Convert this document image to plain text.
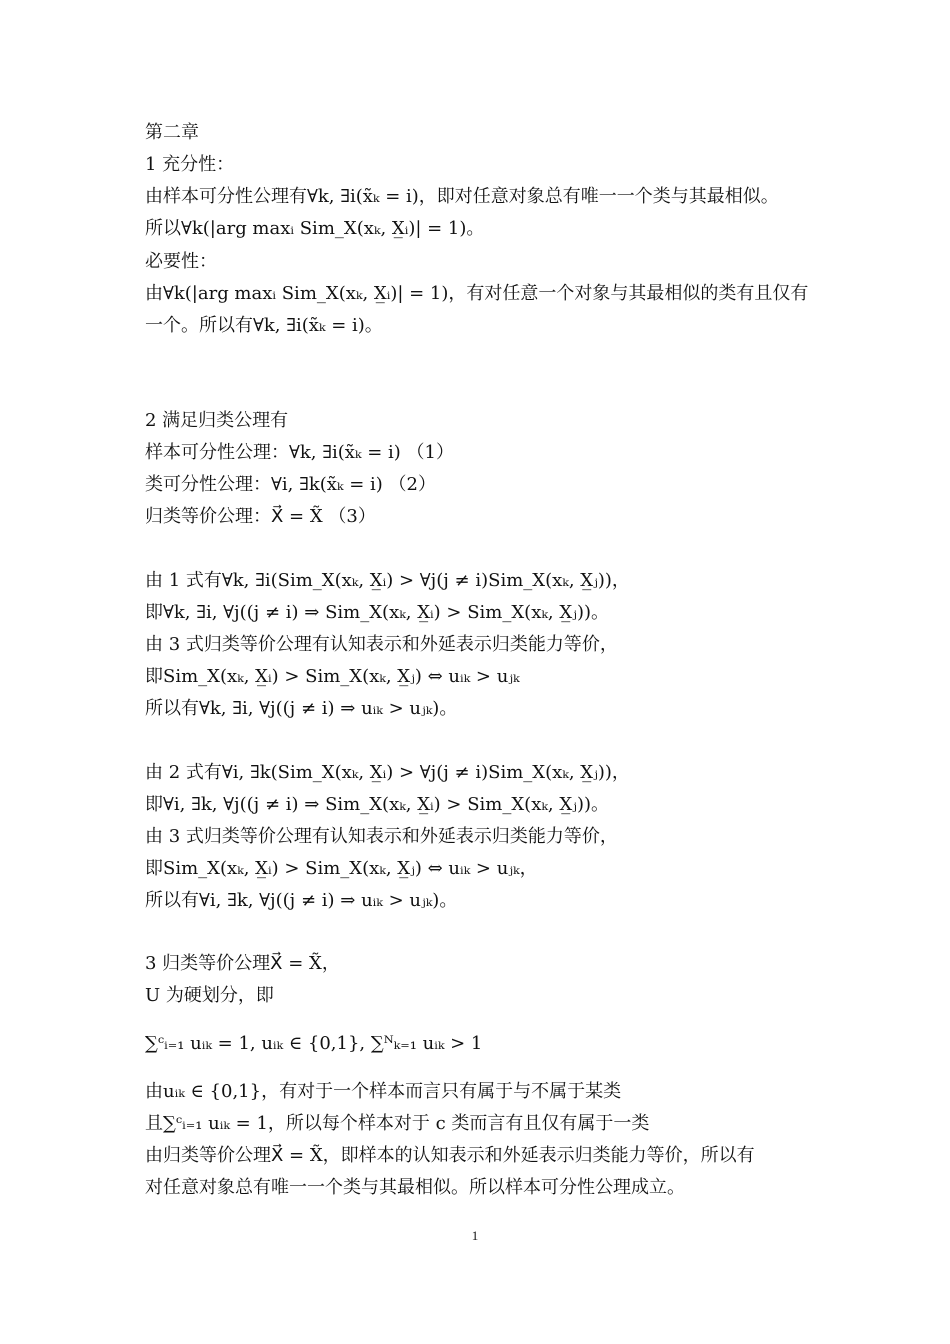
第二章
1 充分性：
由样本可分性公理有∀k, ∃i(x̃ₖ = i)，即对任意对象总有唯一一个类与其最相似。
所以∀k(|arg maxᵢ Sim_X(xₖ, X̲ᵢ)| = 1)。
必要性：
由∀k(|arg maxᵢ Sim_X(xₖ, X̲ᵢ)| = 1)，有对任意一个对象与其最相似的类有且仅有
一个。所以有∀k, ∃i(x̃ₖ = i)。
2 满足归类公理有
样本可分性公理：∀k, ∃i(x̃ₖ = i) （1）
类可分性公理：∀i, ∃k(x̃ₖ = i) （2）
归类等价公理：X⃗ = X̃ （3）
由 1 式有∀k, ∃i(Sim_X(xₖ, X̲ᵢ) > ∀j(j ≠ i)Sim_X(xₖ, X̲ⱼ))，
即∀k, ∃i, ∀j((j ≠ i) ⇒ Sim_X(xₖ, X̲ᵢ) > Sim_X(xₖ, X̲ⱼ))。
由 3 式归类等价公理有认知表示和外延表示归类能力等价，
即Sim_X(xₖ, X̲ᵢ) > Sim_X(xₖ, X̲ⱼ) ⇔ uᵢₖ > uⱼₖ
所以有∀k, ∃i, ∀j((j ≠ i) ⇒ uᵢₖ > uⱼₖ)。
由 2 式有∀i, ∃k(Sim_X(xₖ, X̲ᵢ) > ∀j(j ≠ i)Sim_X(xₖ, X̲ⱼ))，
即∀i, ∃k, ∀j((j ≠ i) ⇒ Sim_X(xₖ, X̲ᵢ) > Sim_X(xₖ, X̲ⱼ))。
由 3 式归类等价公理有认知表示和外延表示归类能力等价，
即Sim_X(xₖ, X̲ᵢ) > Sim_X(xₖ, X̲ⱼ) ⇔ uᵢₖ > uⱼₖ，
所以有∀i, ∃k, ∀j((j ≠ i) ⇒ uᵢₖ > uⱼₖ)。
3 归类等价公理X⃗ = X̃，
U 为硬划分，即
∑ᶜᵢ₌₁ uᵢₖ = 1, uᵢₖ ∈ {0,1}, ∑ᴺₖ₌₁ uᵢₖ > 1
由uᵢₖ ∈ {0,1}，有对于一个样本而言只有属于与不属于某类
且∑ᶜᵢ₌₁ uᵢₖ = 1，所以每个样本对于 c 类而言有且仅有属于一类
由归类等价公理X⃗ = X̃，即样本的认知表示和外延表示归类能力等价，所以有
对任意对象总有唯一一个类与其最相似。所以样本可分性公理成立。
1
